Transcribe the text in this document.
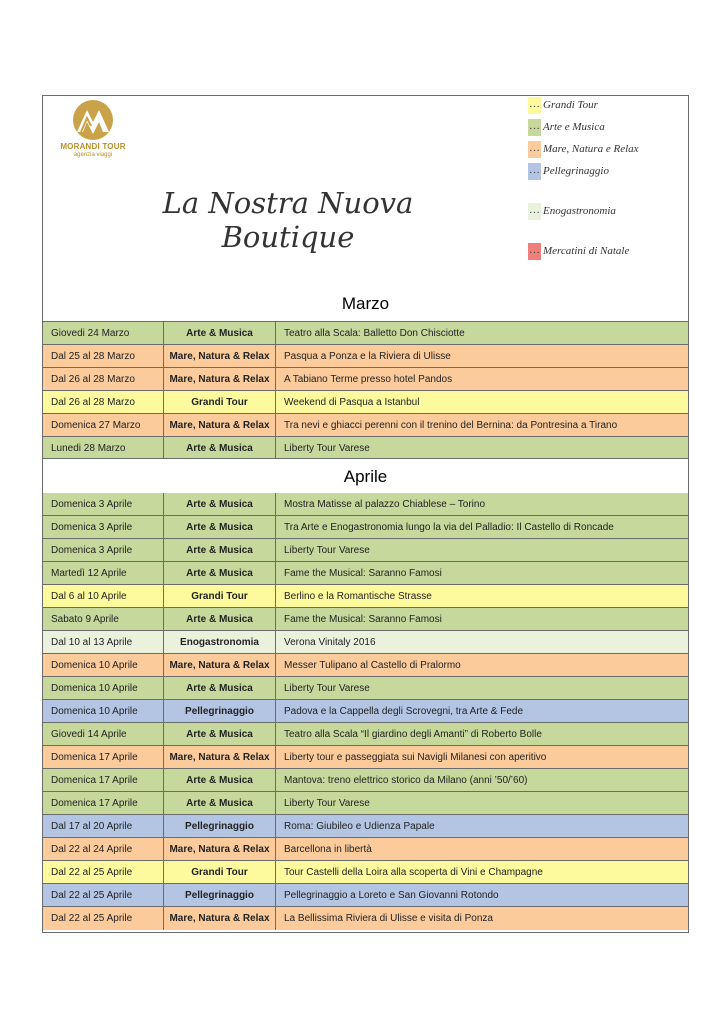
MORANDI TOUR
agenzia viaggi
La Nostra Nuova Boutique
… Grandi Tour
… Arte e Musica
… Mare, Natura e Relax
… Pellegrinaggio
… Enogastronomia
… Mercatini di Natale
Marzo
Giovedi 24 Marzo	Arte & Musica	Teatro alla Scala: Balletto Don Chisciotte
Dal 25 al 28 Marzo	Mare, Natura & Relax	Pasqua a Ponza e la Riviera di Ulisse
Dal 26 al 28 Marzo	Mare, Natura & Relax	A Tabiano Terme presso hotel Pandos
Dal 26 al 28 Marzo	Grandi Tour	Weekend di Pasqua a Istanbul
Domenica 27 Marzo	Mare, Natura & Relax	Tra nevi e ghiacci perenni con il trenino del Bernina: da Pontresina a Tirano
Lunedi 28 Marzo	Arte & Musica	Liberty Tour Varese
Aprile
Domenica 3 Aprile	Arte & Musica	Mostra Matisse al palazzo Chiablese – Torino
Domenica 3 Aprile	Arte & Musica	Tra Arte e Enogastronomia lungo la via del Palladio: Il Castello di Roncade
Domenica 3 Aprile	Arte & Musica	Liberty Tour Varese
Martedì 12 Aprile	Arte & Musica	Fame the Musical: Saranno Famosi
Dal 6 al 10 Aprile	Grandi Tour	Berlino e la Romantische Strasse
Sabato 9 Aprile	Arte & Musica	Fame the Musical: Saranno Famosi
Dal 10 al 13 Aprile	Enogastronomia	Verona Vinitaly 2016
Domenica 10 Aprile	Mare, Natura & Relax	Messer Tulipano al Castello di Pralormo
Domenica 10 Aprile	Arte & Musica	Liberty Tour Varese
Domenica 10 Aprile	Pellegrinaggio	Padova e la Cappella degli Scrovegni, tra Arte & Fede
Giovedi 14 Aprile	Arte & Musica	Teatro alla Scala “Il giardino degli Amanti” di Roberto Bolle
Domenica 17 Aprile	Mare, Natura & Relax	Liberty tour e passeggiata sui Navigli Milanesi con aperitivo
Domenica 17 Aprile	Arte & Musica	Mantova: treno elettrico storico da Milano (anni ’50/’60)
Domenica 17 Aprile	Arte & Musica	Liberty Tour Varese
Dal 17 al 20 Aprile	Pellegrinaggio	Roma: Giubileo e Udienza Papale
Dal 22 al 24 Aprile	Mare, Natura & Relax	Barcellona in libertà
Dal 22 al 25 Aprile	Grandi Tour	Tour Castelli della Loira alla scoperta di Vini e Champagne
Dal 22 al 25 Aprile	Pellegrinaggio	Pellegrinaggio a Loreto e San Giovanni Rotondo
Dal 22 al 25 Aprile	Mare, Natura & Relax	La Bellissima Riviera di Ulisse e visita di Ponza
